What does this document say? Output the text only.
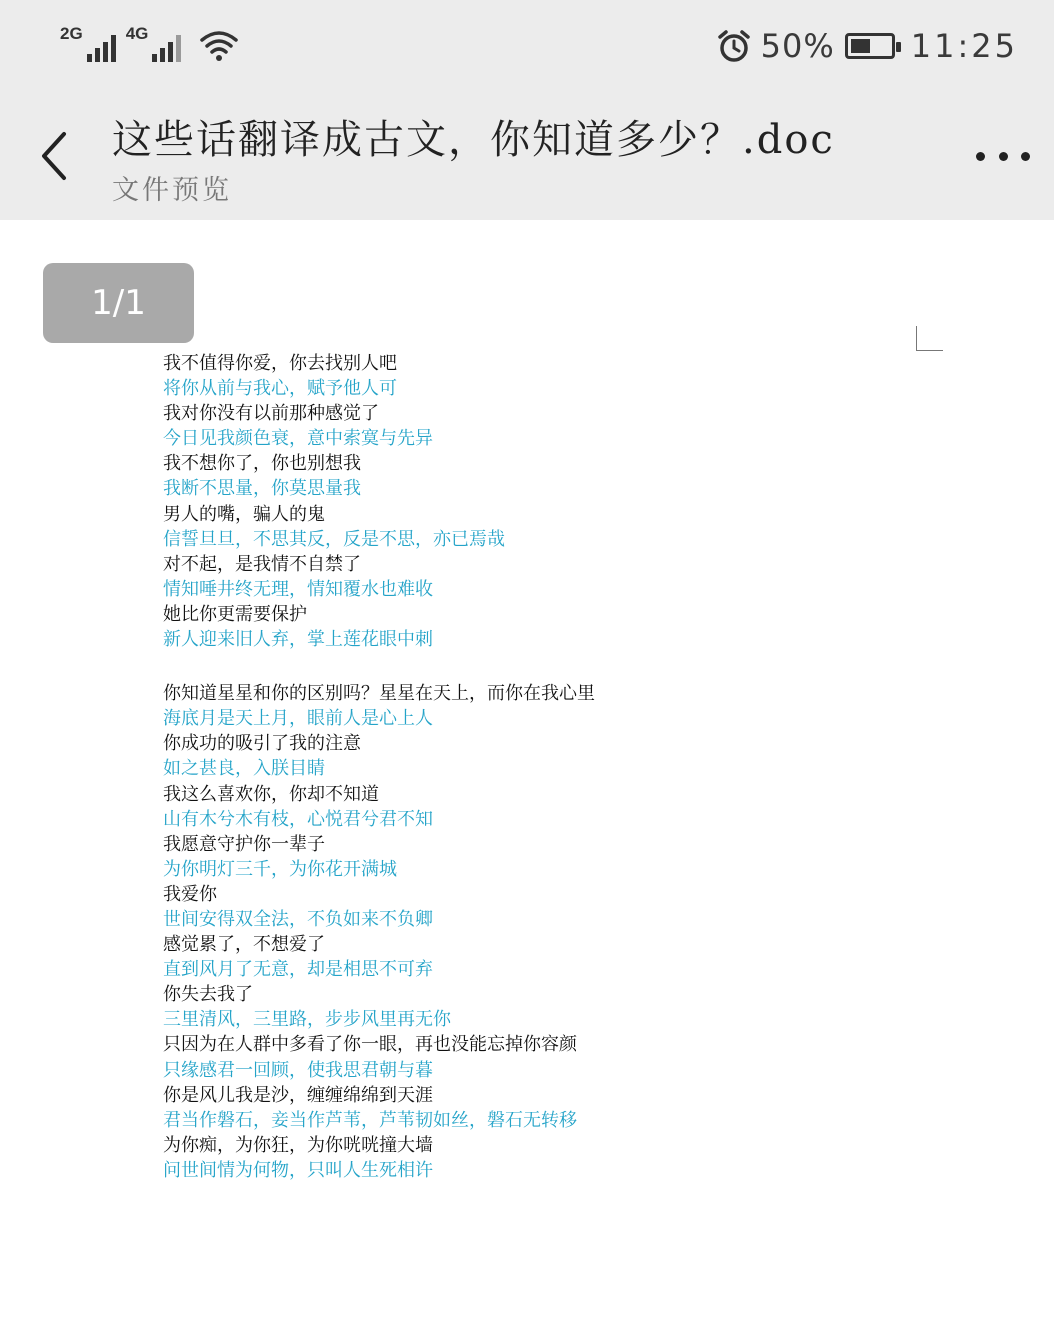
2G	4G	50% 11:25
这些话翻译成古文，你知道多少？.doc
文件预览
1/1
我不值得你爱，你去找别人吧
将你从前与我心，赋予他人可
我对你没有以前那种感觉了
今日见我颜色衰，意中索寞与先异
我不想你了，你也别想我
我断不思量，你莫思量我
男人的嘴，骗人的鬼
信誓旦旦，不思其反，反是不思，亦已焉哉
对不起，是我情不自禁了
情知唾井终无理，情知覆水也难收
她比你更需要保护
新人迎来旧人弃，掌上莲花眼中刺
你知道星星和你的区别吗？星星在天上，而你在我心里
海底月是天上月，眼前人是心上人
你成功的吸引了我的注意
如之甚良，入朕目睛
我这么喜欢你，你却不知道
山有木兮木有枝，心悦君兮君不知
我愿意守护你一辈子
为你明灯三千，为你花开满城
我爱你
世间安得双全法，不负如来不负卿
感觉累了，不想爱了
直到风月了无意，却是相思不可弃
你失去我了
三里清风，三里路，步步风里再无你
只因为在人群中多看了你一眼，再也没能忘掉你容颜
只缘感君一回顾，使我思君朝与暮
你是风儿我是沙，缠缠绵绵到天涯
君当作磐石，妾当作芦苇，芦苇韧如丝，磐石无转移
为你痴，为你狂，为你咣咣撞大墙
问世间情为何物，只叫人生死相许
